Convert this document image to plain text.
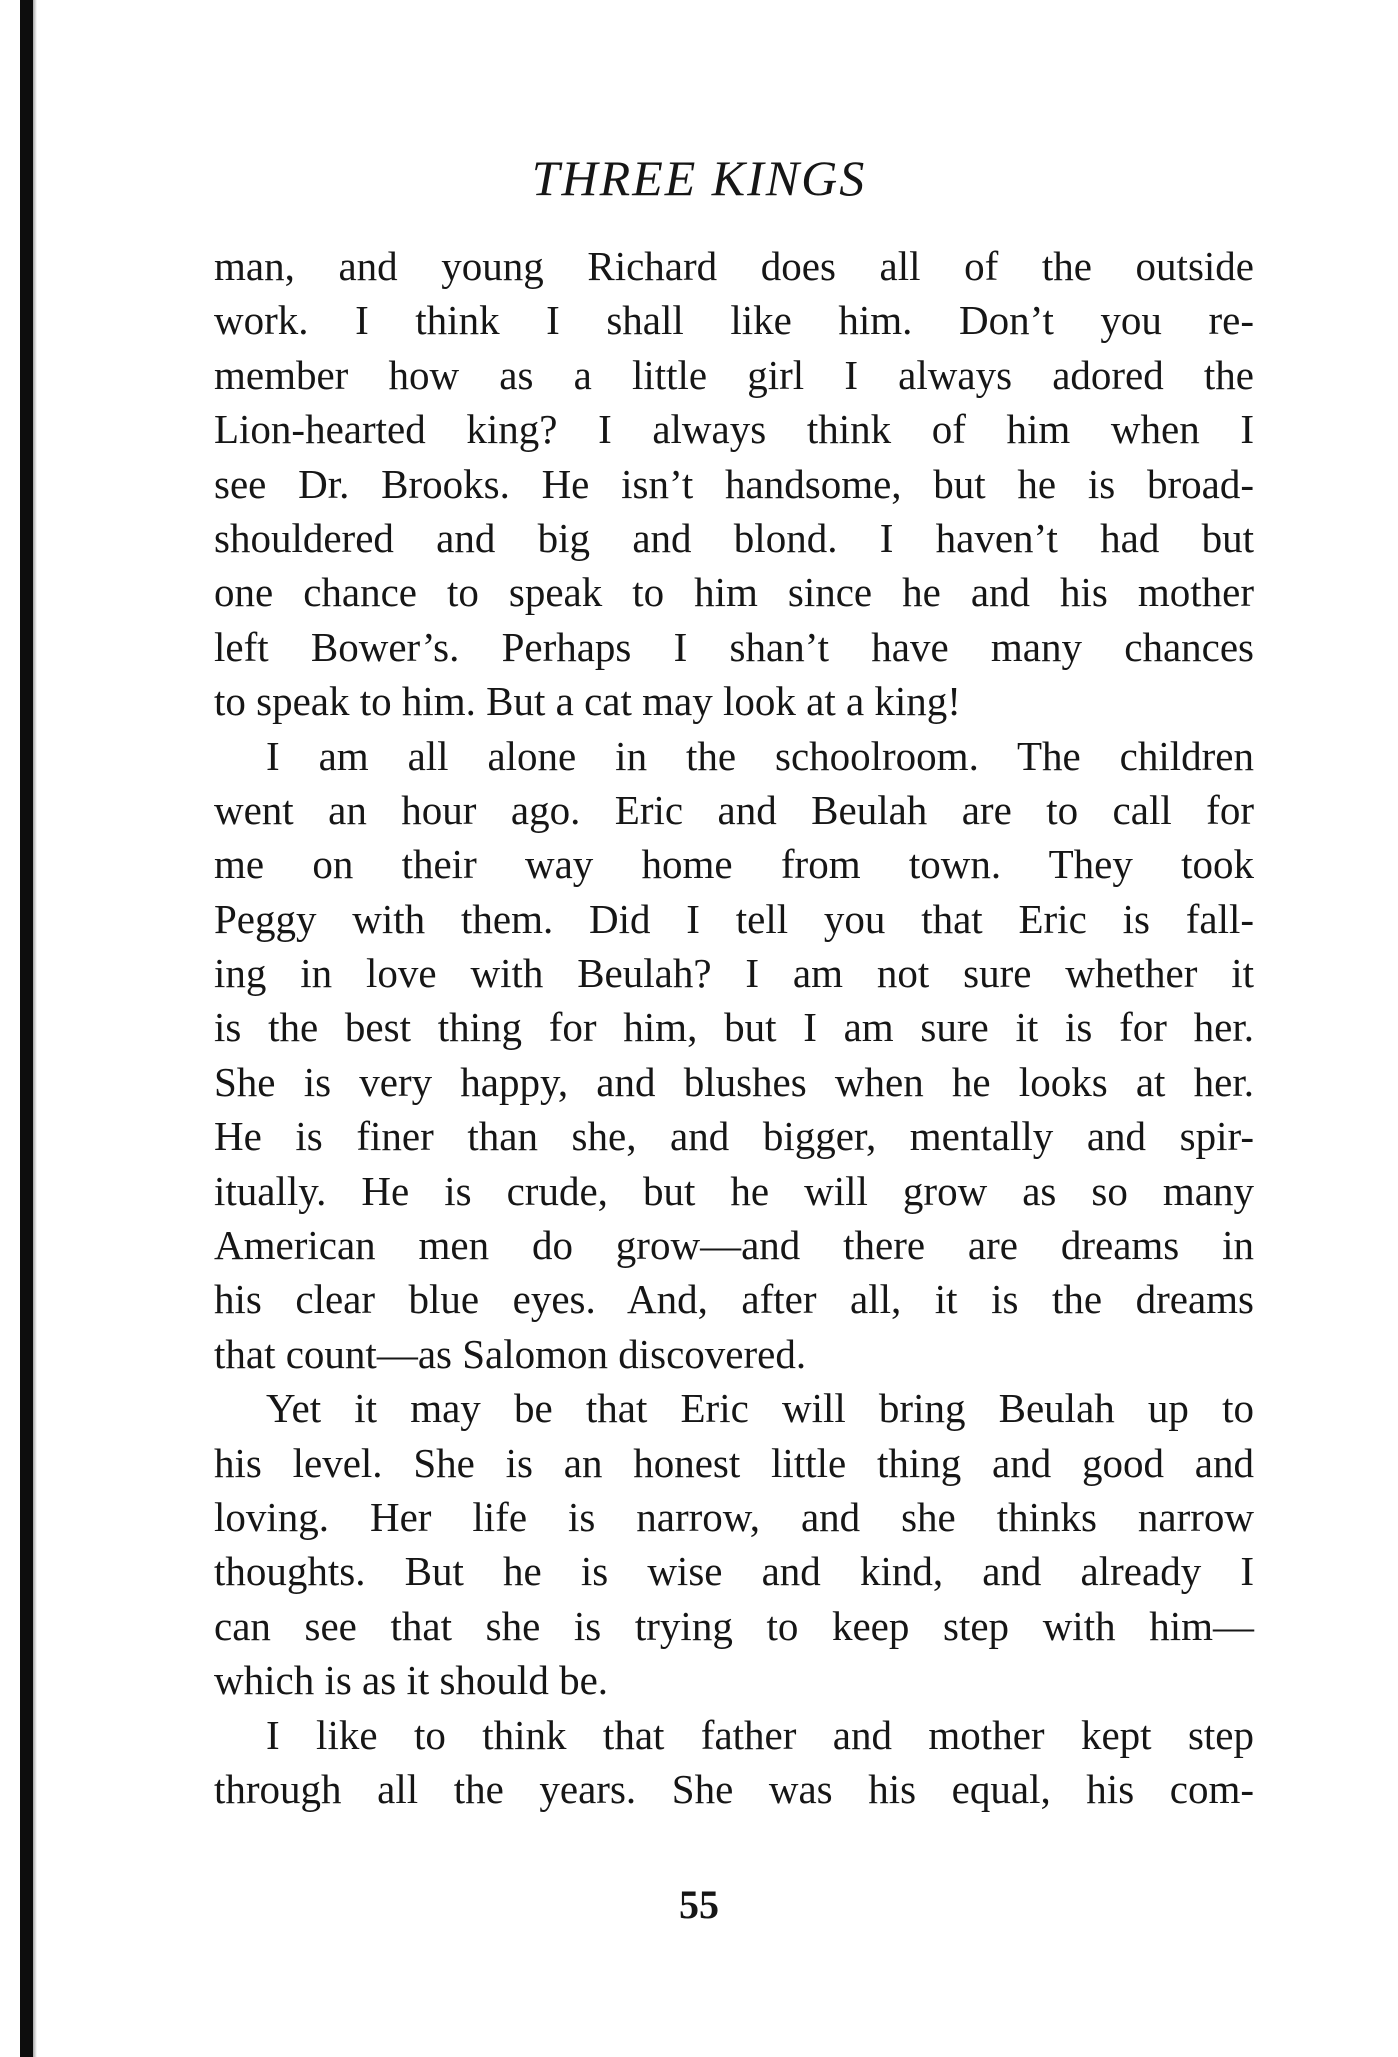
THREE KINGS
man, and young Richard does all of the outside
work. I think I shall like him. Don’t you re-
member how as a little girl I always adored the
Lion-hearted king? I always think of him when I
see Dr. Brooks. He isn’t handsome, but he is broad-
shouldered and big and blond. I haven’t had but
one chance to speak to him since he and his mother
left Bower’s. Perhaps I shan’t have many chances
to speak to him. But a cat may look at a king!
I am all alone in the schoolroom. The children
went an hour ago. Eric and Beulah are to call for
me on their way home from town. They took
Peggy with them. Did I tell you that Eric is fall-
ing in love with Beulah? I am not sure whether it
is the best thing for him, but I am sure it is for her.
She is very happy, and blushes when he looks at her.
He is finer than she, and bigger, mentally and spir-
itually. He is crude, but he will grow as so many
American men do grow—and there are dreams in
his clear blue eyes. And, after all, it is the dreams
that count—as Salomon discovered.
Yet it may be that Eric will bring Beulah up to
his level. She is an honest little thing and good and
loving. Her life is narrow, and she thinks narrow
thoughts. But he is wise and kind, and already I
can see that she is trying to keep step with him—
which is as it should be.
I like to think that father and mother kept step
through all the years. She was his equal, his com-
55
